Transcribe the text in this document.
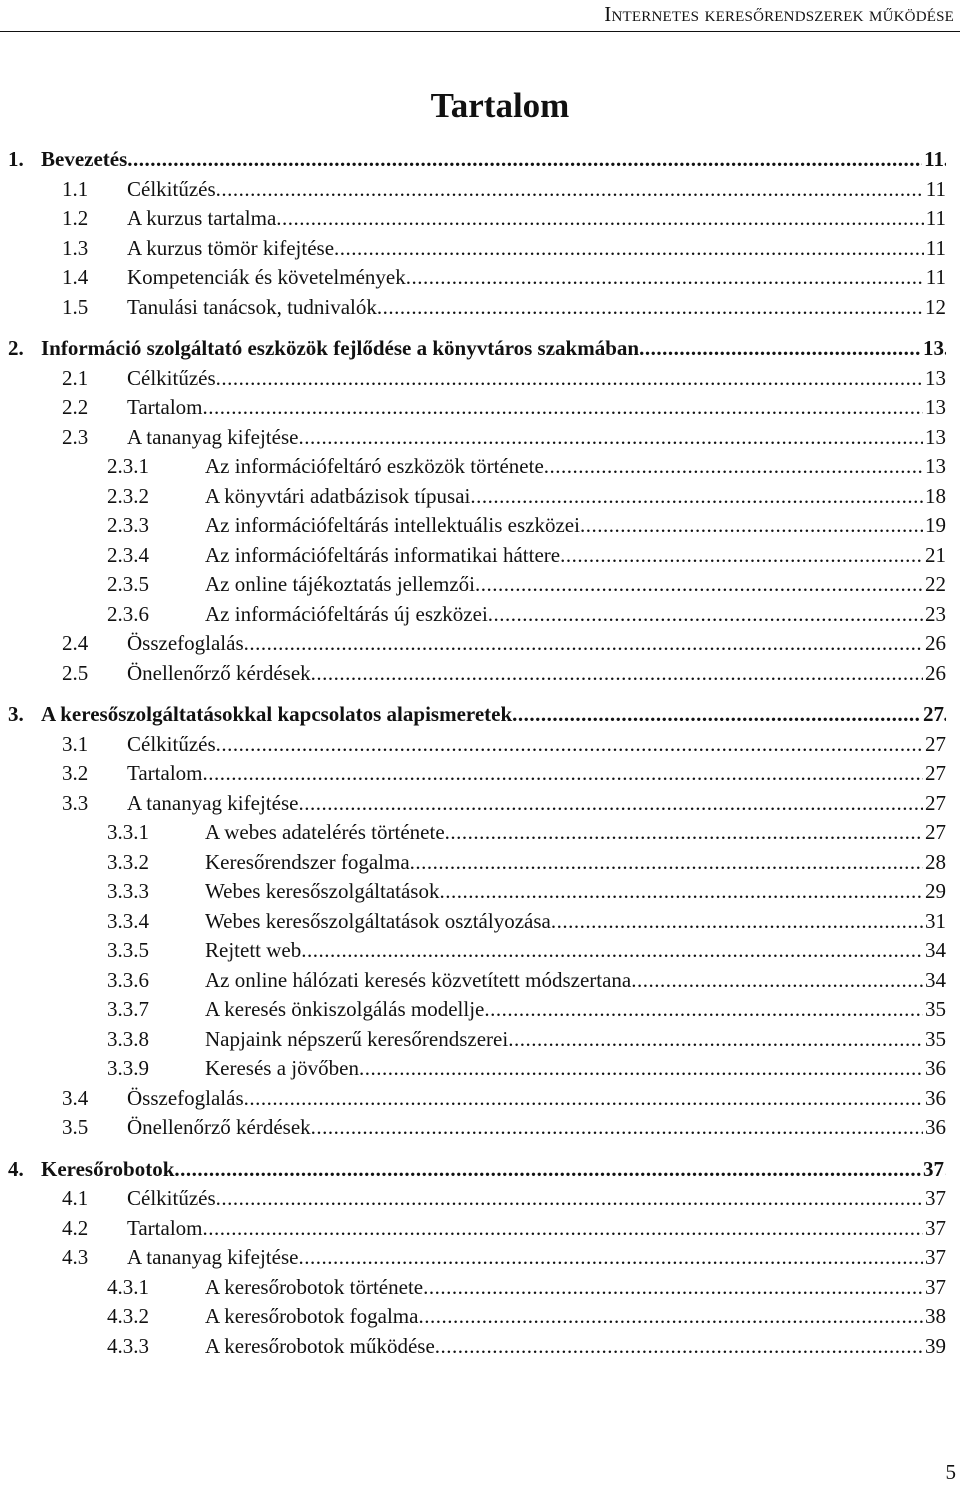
Internetes keresőrendszerek működése
Tartalom
1. Bevezetés .....	11
1.1 Célkitűzés .....	11
1.2 A kurzus tartalma .....	11
1.3 A kurzus tömör kifejtése .....	11
1.4 Kompetenciák és követelmények .....	11
1.5 Tanulási tanácsok, tudnivalók .....	12
2. Információ szolgáltató eszközök fejlődése a könyvtáros szakmában .....	13
2.1 Célkitűzés .....	13
2.2 Tartalom .....	13
2.3 A tananyag kifejtése .....	13
2.3.1	Az információfeltáró eszközök története .....	13
2.3.2	A könyvtári adatbázisok típusai .....	18
2.3.3	Az információfeltárás intellektuális eszközei .....	19
2.3.4	Az információfeltárás informatikai háttere .....	21
2.3.5	Az online tájékoztatás jellemzői .....	22
2.3.6	Az információfeltárás új eszközei .....	23
2.4 Összefoglalás .....	26
2.5 Önellenőrző kérdések .....	26
3. A keresőszolgáltatásokkal kapcsolatos alapismeretek .....	27
3.1 Célkitűzés .....	27
3.2 Tartalom .....	27
3.3 A tananyag kifejtése .....	27
3.3.1	A webes adatelérés története .....	27
3.3.2	Keresőrendszer fogalma .....	28
3.3.3	Webes keresőszolgáltatások .....	29
3.3.4	Webes keresőszolgáltatások osztályozása .....	31
3.3.5	Rejtett web .....	34
3.3.6	Az online hálózati keresés közvetített módszertana .....	34
3.3.7	A keresés önkiszolgálás modellje .....	35
3.3.8	Napjaink népszerű keresőrendszerei .....	35
3.3.9	Keresés a jövőben .....	36
3.4 Összefoglalás .....	36
3.5 Önellenőrző kérdések .....	36
4. Keresőrobotok .....	37
4.1 Célkitűzés .....	37
4.2 Tartalom .....	37
4.3 A tananyag kifejtése .....	37
4.3.1	A keresőrobotok története .....	37
4.3.2	A keresőrobotok fogalma .....	38
4.3.3	A keresőrobotok működése .....	39
5
